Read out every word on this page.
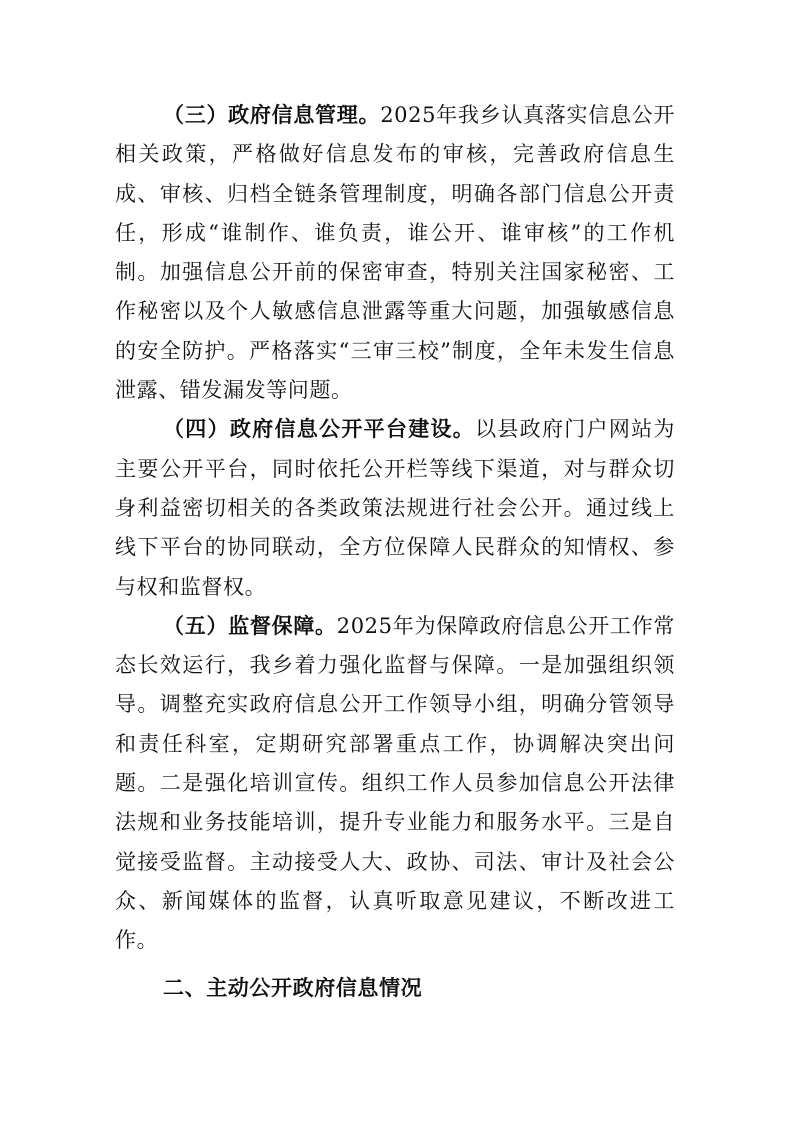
（三）政府信息管理。2025年我乡认真落实信息公开相关政策，严格做好信息发布的审核，完善政府信息生成、审核、归档全链条管理制度，明确各部门信息公开责任，形成“谁制作、谁负责，谁公开、谁审核”的工作机制。加强信息公开前的保密审查，特别关注国家秘密、工作秘密以及个人敏感信息泄露等重大问题，加强敏感信息的安全防护。严格落实“三审三校”制度，全年未发生信息泄露、错发漏发等问题。

（四）政府信息公开平台建设。以县政府门户网站为主要公开平台，同时依托公开栏等线下渠道，对与群众切身利益密切相关的各类政策法规进行社会公开。通过线上线下平台的协同联动，全方位保障人民群众的知情权、参与权和监督权。

（五）监督保障。2025年为保障政府信息公开工作常态长效运行，我乡着力强化监督与保障。一是加强组织领导。调整充实政府信息公开工作领导小组，明确分管领导和责任科室，定期研究部署重点工作，协调解决突出问题。二是强化培训宣传。组织工作人员参加信息公开法律法规和业务技能培训，提升专业能力和服务水平。三是自觉接受监督。主动接受人大、政协、司法、审计及社会公众、新闻媒体的监督，认真听取意见建议，不断改进工作。

二、主动公开政府信息情况
